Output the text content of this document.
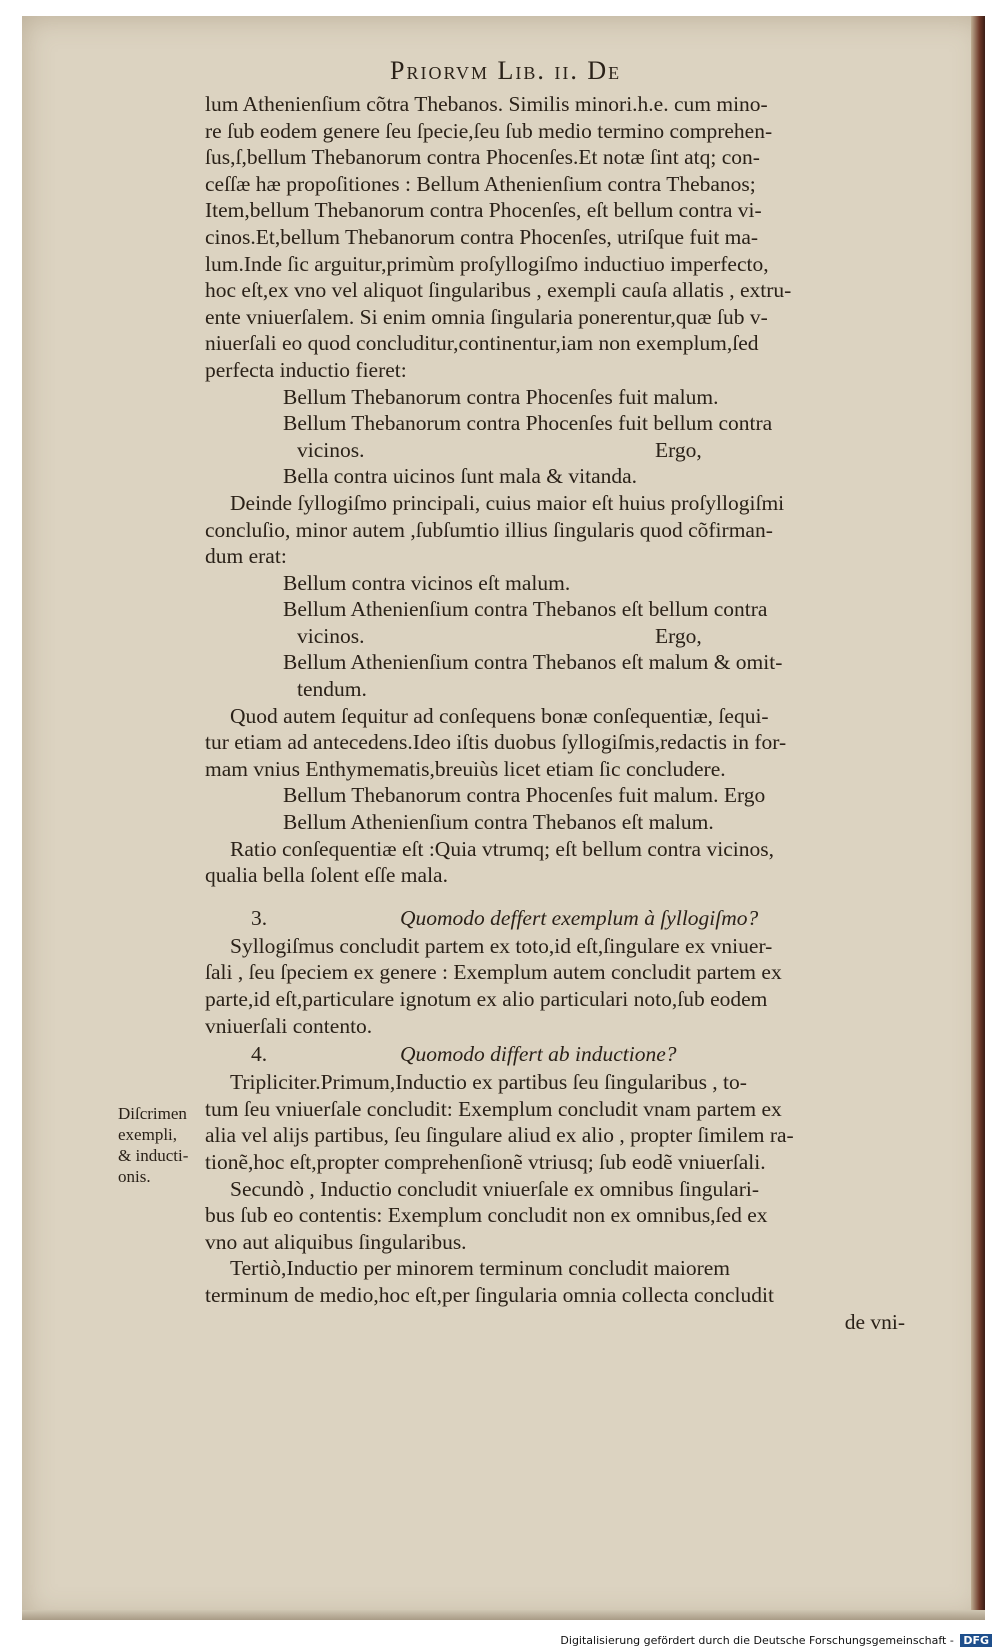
Priorvm Lib. ii. De
lum Athenienſium cõtra Thebanos. Similis minori.h.e. cum mino-
re ſub eodem genere ſeu ſpecie,ſeu ſub medio termino comprehen-
ſus,ſ,bellum Thebanorum contra Phocenſes.Et notæ ſint atq; con-
ceſſæ hæ propoſitiones : Bellum Athenienſium contra Thebanos;
Item,bellum Thebanorum contra Phocenſes, eſt bellum contra vi-
cinos.Et,bellum Thebanorum contra Phocenſes, utriſque fuit ma-
lum.Inde ſic arguitur,primùm proſyllogiſmo inductiuo imperfecto,
hoc eſt,ex vno vel aliquot ſingularibus , exempli cauſa allatis , extru-
ente vniuerſalem. Si enim omnia ſingularia ponerentur,quæ ſub v-
niuerſali eo quod concluditur,continentur,iam non exemplum,ſed
perfecta inductio fieret:
Bellum Thebanorum contra Phocenſes fuit malum.
Bellum Thebanorum contra Phocenſes fuit bellum contra
vicinos.	Ergo,
Bella contra uicinos ſunt mala & vitanda.
Deinde ſyllogiſmo principali, cuius maior eſt huius proſyllogiſmi
concluſio, minor autem ,ſubſumtio illius ſingularis quod cõfirman-
dum erat:
Bellum contra vicinos eſt malum.
Bellum Athenienſium contra Thebanos eſt bellum contra
vicinos.	Ergo,
Bellum Athenienſium contra Thebanos eſt malum & omit-
tendum.
Quod autem ſequitur ad conſequens bonæ conſequentiæ, ſequi-
tur etiam ad antecedens.Ideo iſtis duobus ſyllogiſmis,redactis in for-
mam vnius Enthymematis,breuiùs licet etiam ſic concludere.
Bellum Thebanorum contra Phocenſes fuit malum. Ergo
Bellum Athenienſium contra Thebanos eſt malum.
Ratio conſequentiæ eſt :Quia vtrumq; eſt bellum contra vicinos,
qualia bella ſolent eſſe mala.
3.	Quomodo deffert exemplum à ſyllogiſmo?
Syllogiſmus concludit partem ex toto,id eſt,ſingulare ex vniuer-
ſali , ſeu ſpeciem ex genere : Exemplum autem concludit partem ex
parte,id eſt,particulare ignotum ex alio particulari noto,ſub eodem
vniuerſali contento.
4.	Quomodo differt ab inductione?
Tripliciter.Primum,Inductio ex partibus ſeu ſingularibus , to-
tum ſeu vniuerſale concludit: Exemplum concludit vnam partem ex
alia vel alijs partibus, ſeu ſingulare aliud ex alio , propter ſimilem ra-
tionẽ,hoc eſt,propter comprehenſionẽ vtriusq; ſub eodẽ vniuerſali.
Secundò , Inductio concludit vniuerſale ex omnibus ſingulari-
bus ſub eo contentis: Exemplum concludit non ex omnibus,ſed ex
vno aut aliquibus ſingularibus.
Tertiò,Inductio per minorem terminum concludit maiorem
terminum de medio,hoc eſt,per ſingularia omnia collecta concludit
de vni-
Diſcrimen
exempli,
& inducti-
onis.
Digitalisierung gefördert durch die Deutsche Forschungsgemeinschaft - DFG
